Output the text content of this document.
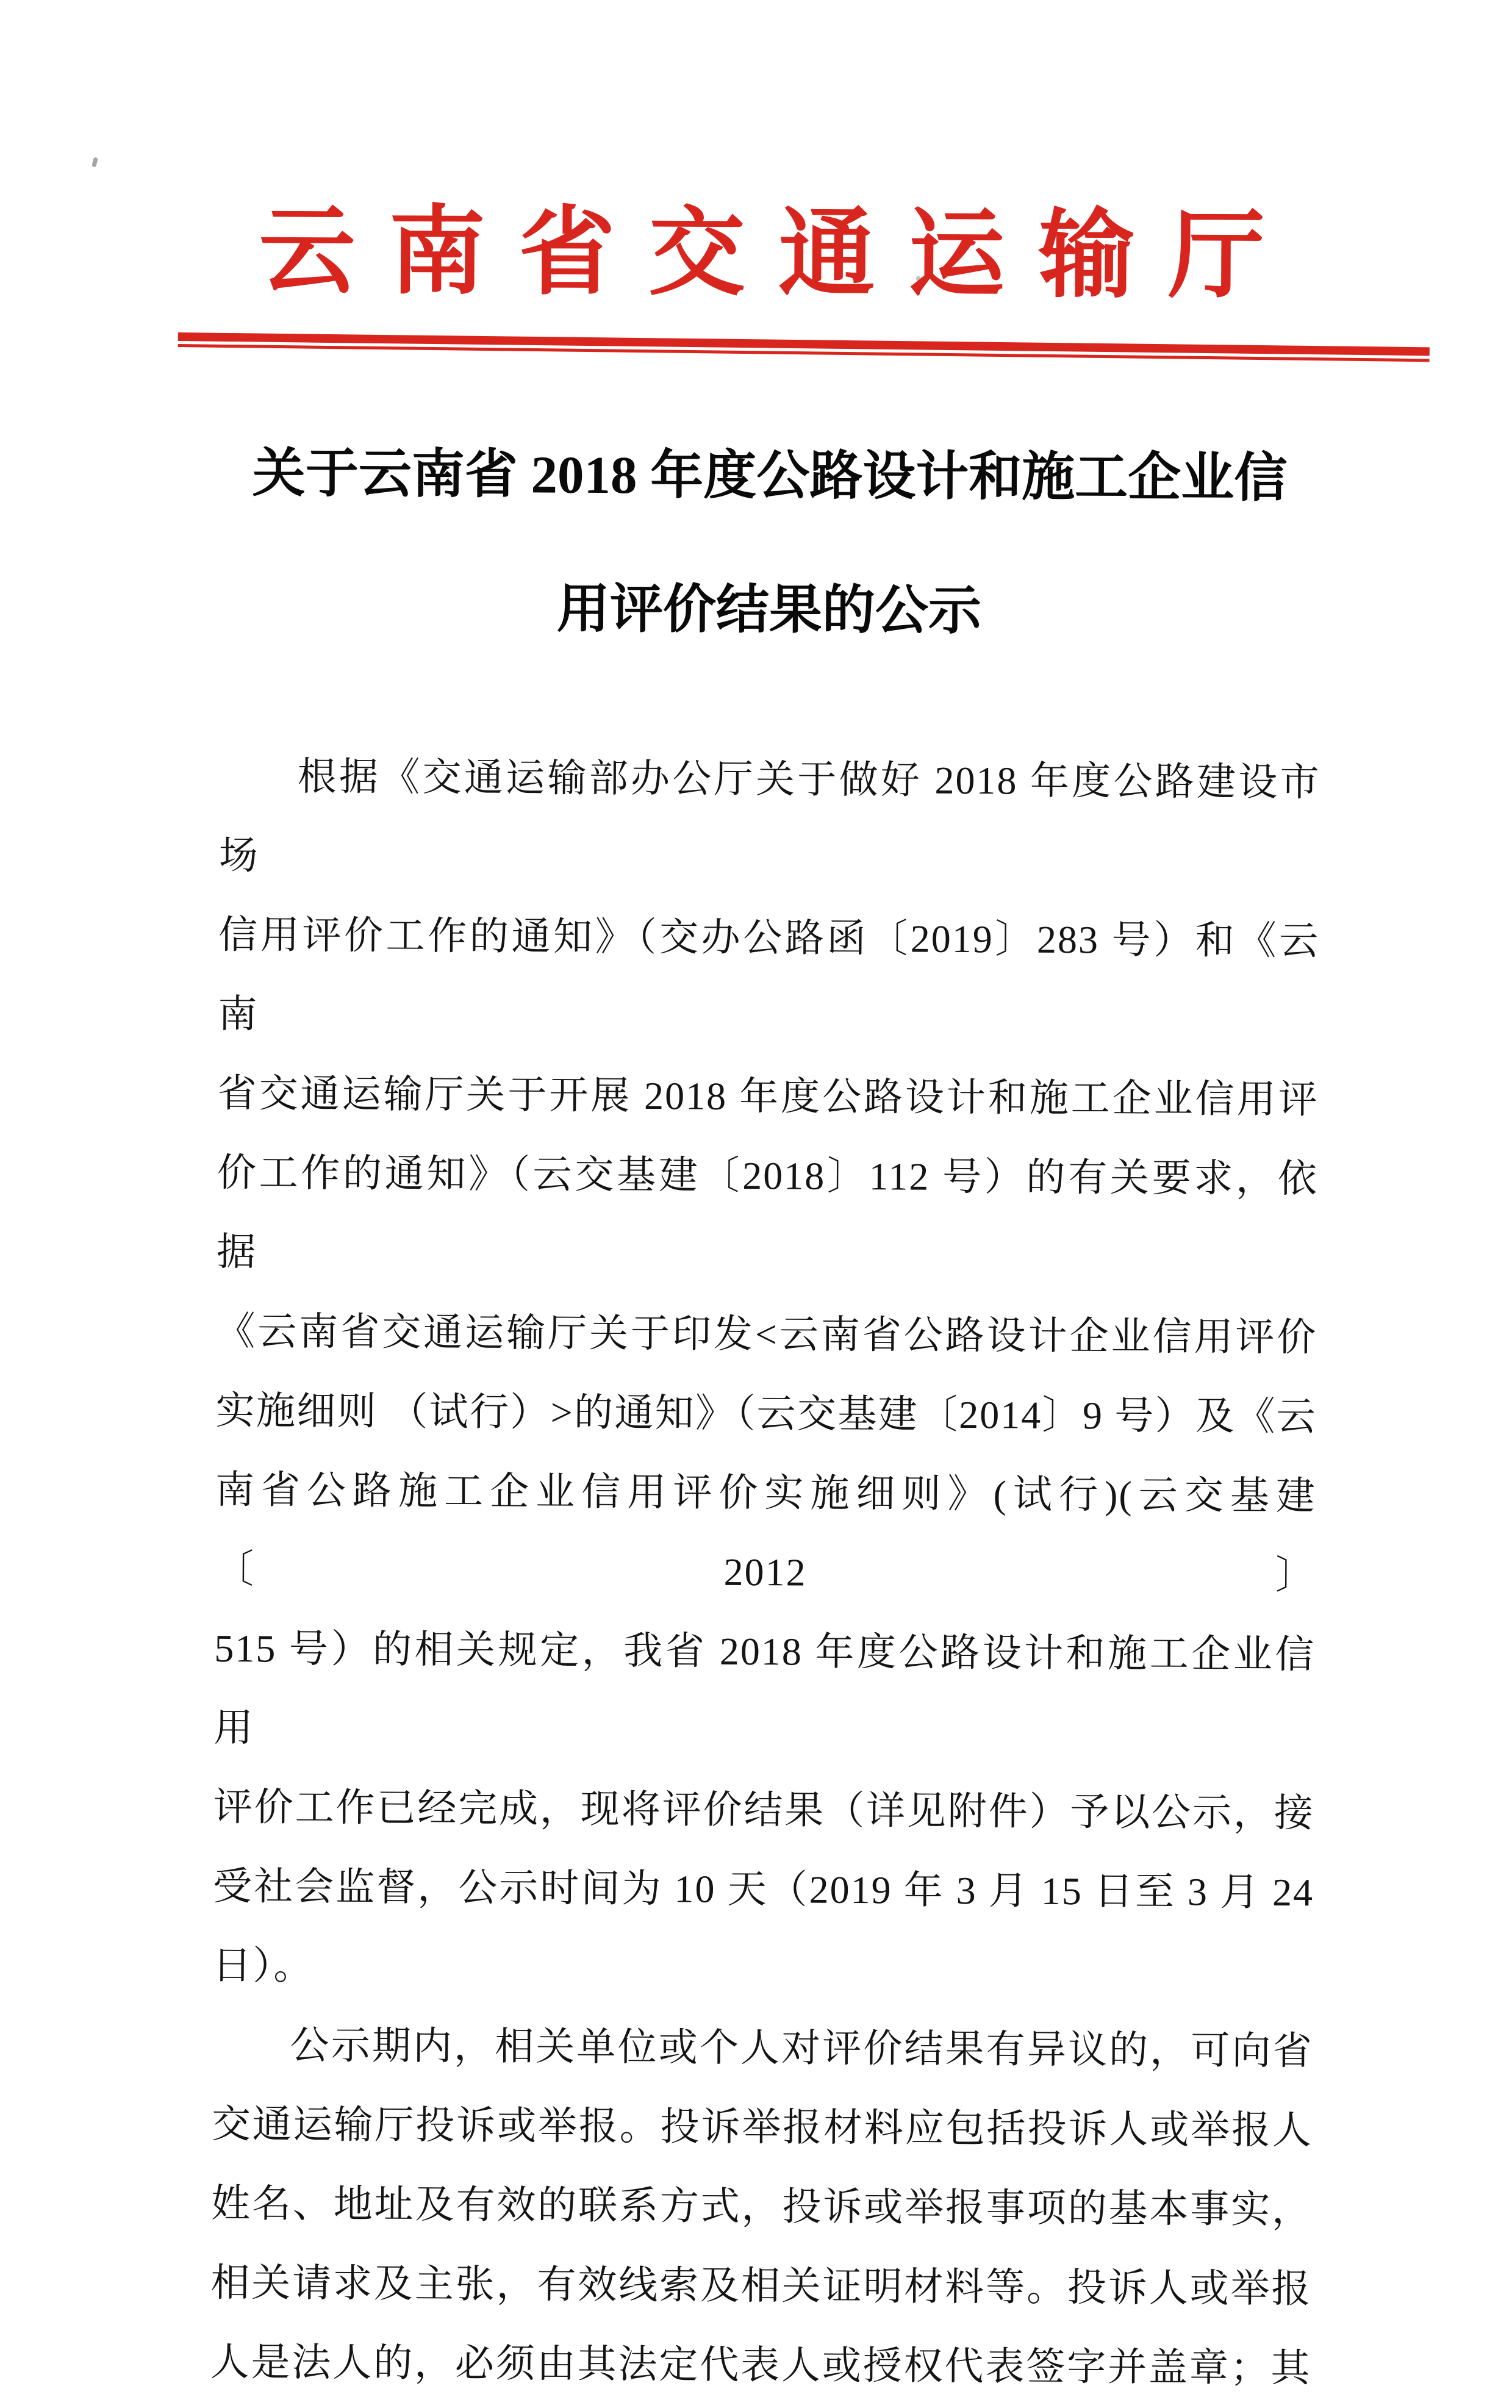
云南省交通运输厅
关于云南省 2018 年度公路设计和施工企业信
用评价结果的公示
根据《交通运输部办公厅关于做好 2018 年度公路建设市场
信用评价工作的通知》（交办公路函〔2019〕283 号）和《云南
省交通运输厅关于开展 2018 年度公路设计和施工企业信用评
价工作的通知》（云交基建〔2018〕112 号）的有关要求，依据
《云南省交通运输厅关于印发<云南省公路设计企业信用评价
实施细则 （试行）>的通知》（云交基建〔2014〕9 号）及《云
南省公路施工企业信用评价实施细则》(试行)(云交基建〔2012〕
515 号）的相关规定，我省 2018 年度公路设计和施工企业信用
评价工作已经完成，现将评价结果（详见附件）予以公示，接
受社会监督，公示时间为 10 天（2019 年 3 月 15 日至 3 月 24
日）。
公示期内，相关单位或个人对评价结果有异议的，可向省
交通运输厅投诉或举报。投诉举报材料应包括投诉人或举报人
姓名、地址及有效的联系方式，投诉或举报事项的基本事实，
相关请求及主张，有效线索及相关证明材料等。投诉人或举报
人是法人的，必须由其法定代表人或授权代表签字并盖章；其
